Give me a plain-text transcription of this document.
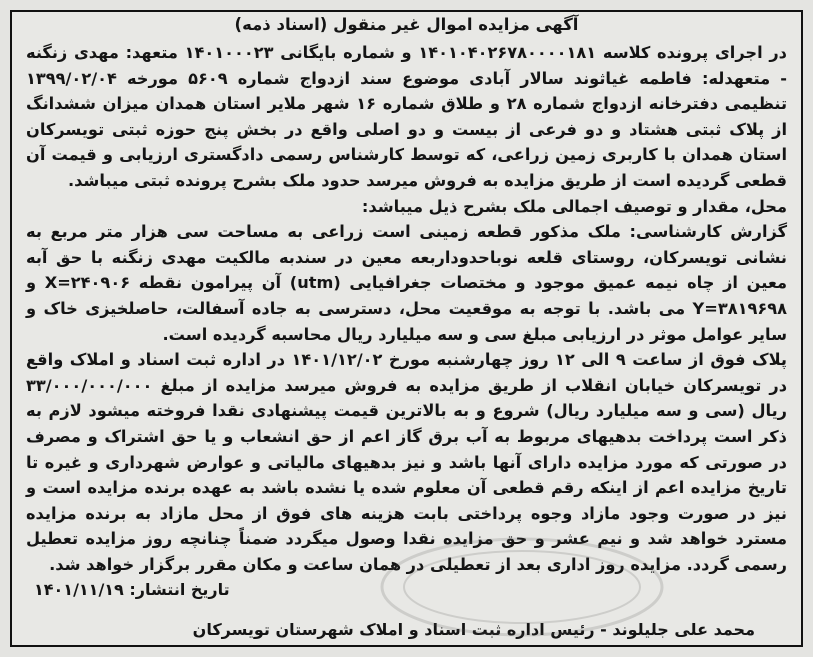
آگهی مزایده اموال غیر منقول (اسناد ذمه)

در اجرای پرونده کلاسه ۱۴۰۱۰۴۰۲۶۷۸۰۰۰۰۱۸۱ و شماره بایگانی ۱۴۰۱۰۰۰۲۳ متعهد: مهدی زنگنه - متعهدله: فاطمه غیاثوند سالار آبادی موضوع سند ازدواج شماره ۵۶۰۹ مورخه ۱۳۹۹/۰۲/۰۴ تنظیمی دفترخانه ازدواج شماره ۲۸ و طلاق شماره ۱۶ شهر ملایر استان همدان میزان ششدانگ از پلاک ثبتی هشتاد و دو فرعی از بیست و دو اصلی واقع در بخش پنج حوزه ثبتی تویسرکان استان همدان با کاربری زمین زراعی، که توسط کارشناس رسمی دادگستری ارزیابی و قیمت آن قطعی گردیده است از طریق مزایده به فروش میرسد حدود ملک بشرح پرونده ثبتی میباشد.

محل، مقدار و توصیف اجمالی ملک بشرح ذیل میباشد:

گزارش کارشناسی: ملک مذکور قطعه زمینی است زراعی به مساحت سی هزار متر مربع به نشانی تویسرکان، روستای قلعه نوباحدوداربعه معین در سندبه مالکیت مهدی زنگنه با حق آبه معین از چاه نیمه عمیق موجود و مختصات جغرافیایی (utm) آن پیرامون نقطه X=۲۴۰۹۰۶ و Y=۳۸۱۹۶۹۸ می باشد. با توجه به موقعیت محل، دسترسی به جاده آسفالت، حاصلخیزی خاک و سایر عوامل موثر در ارزیابی مبلغ سی و سه میلیارد ریال محاسبه گردیده است.

پلاک فوق از ساعت ۹ الی ۱۲ روز چهارشنبه مورخ ۱۴۰۱/۱۲/۰۲ در اداره ثبت اسناد و املاک واقع در تویسرکان خیابان انقلاب از طریق مزایده به فروش میرسد مزایده از مبلغ ۳۳/۰۰۰/۰۰۰/۰۰۰ ریال (سی و سه میلیارد ریال) شروع و به بالاترین قیمت پیشنهادی نقدا فروخته میشود لازم به ذکر است پرداخت بدهیهای مربوط به آب برق گاز اعم از حق انشعاب و یا حق اشتراک و مصرف در صورتی که مورد مزایده دارای آنها باشد و نیز بدهیهای مالیاتی و عوارض شهرداری و غیره تا تاریخ مزایده اعم از اینکه رقم قطعی آن معلوم شده یا نشده باشد به عهده برنده مزایده است و نیز در صورت وجود مازاد وجوه پرداختی بابت هزینه های فوق از محل مازاد به برنده مزایده مسترد خواهد شد و نیم عشر و حق مزایده نقدا وصول میگردد ضمناً چنانچه روز مزایده تعطیل رسمی گردد. مزایده روز اداری بعد از تعطیلی در همان ساعت و مکان مقرر برگزار خواهد شد.

تاریخ انتشار: ۱۴۰۱/۱۱/۱۹
محمد علی جلیلوند - رئیس اداره ثبت اسناد و املاک شهرستان تویسرکان
